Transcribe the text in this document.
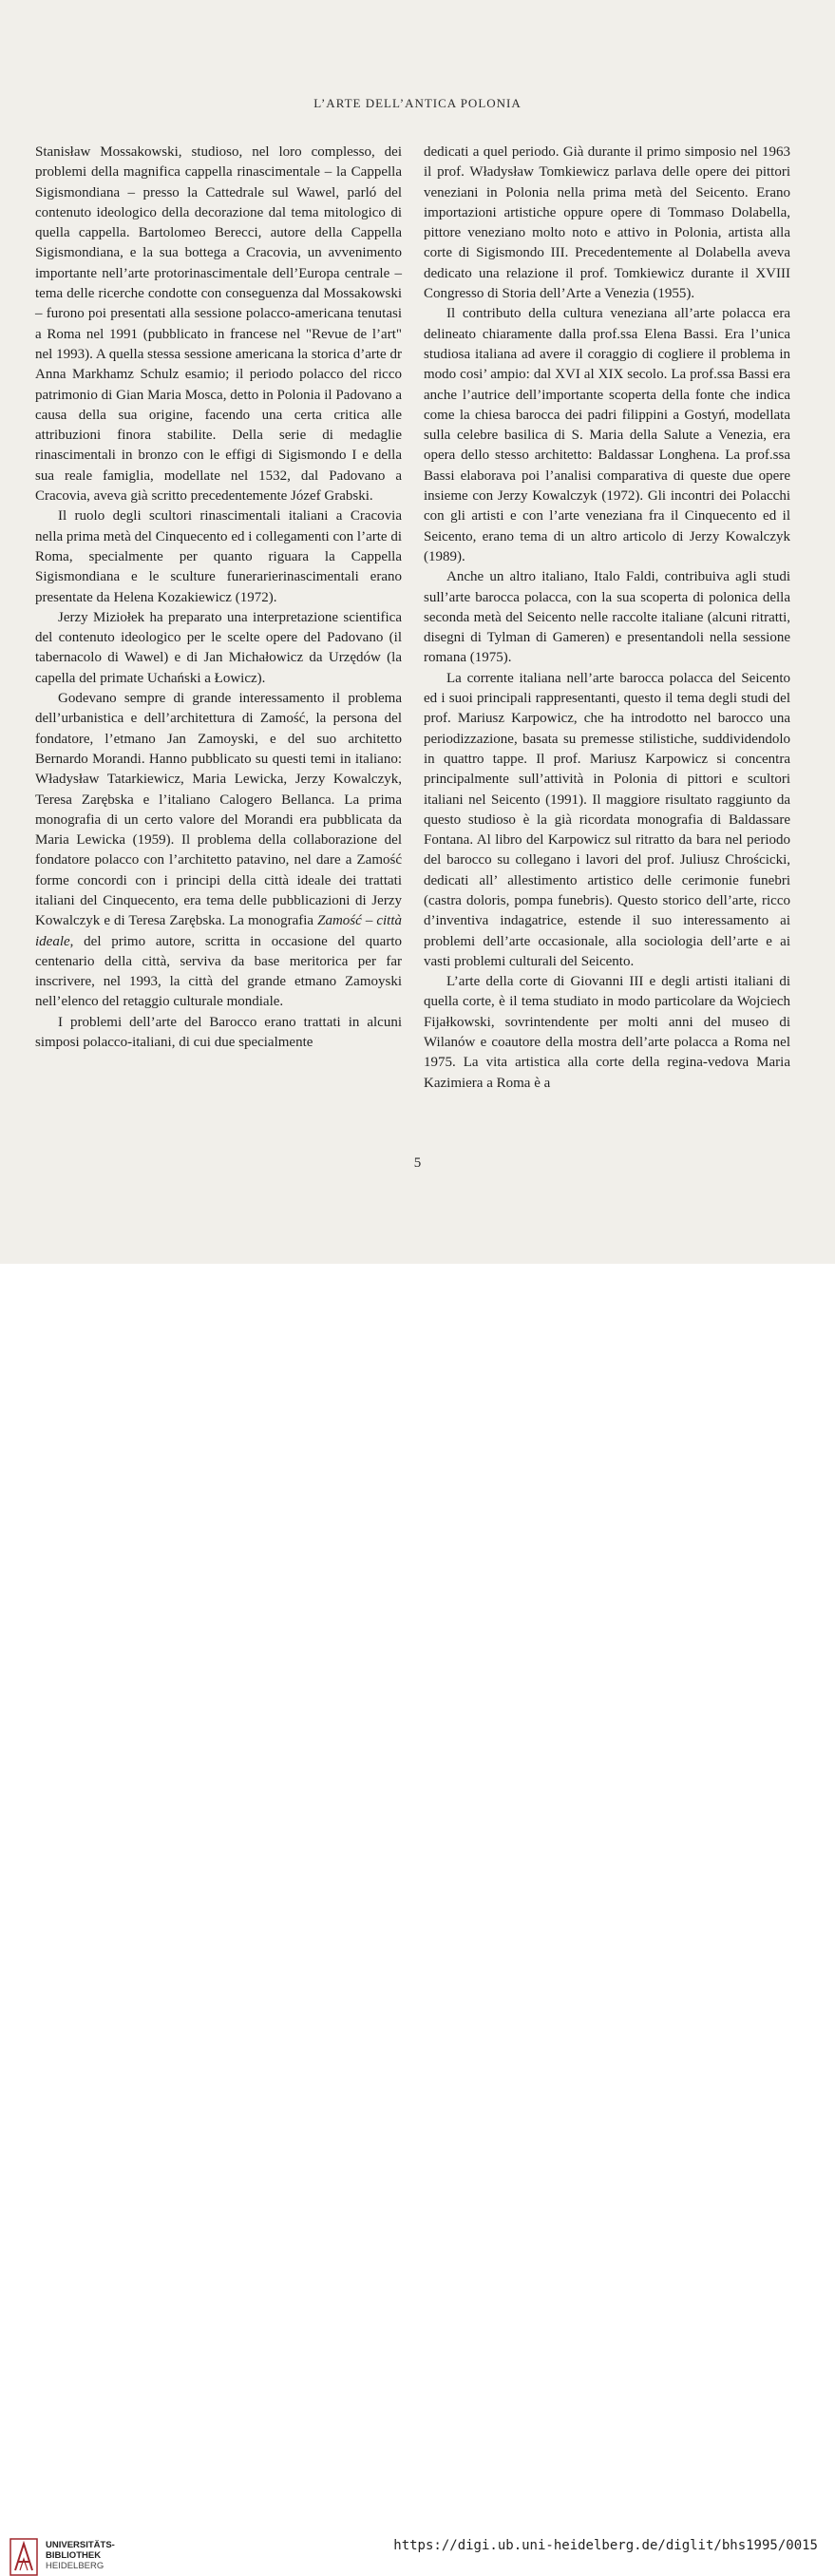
L’ARTE DELL’ANTICA POLONIA

Stanisław Mossakowski, studioso, nel loro complesso, dei problemi della magnifica cappella rinascimentale – la Cappella Sigismondiana – presso la Cattedrale sul Wawel, parló del contenuto ideologico della decorazione dal tema mitologico di quella cappella. Bartolomeo Berecci, autore della Cappella Sigismondiana, e la sua bottega a Cracovia, un avvenimento importante nell’arte protorinascimentale dell’Europa centrale – tema delle ricerche condotte con conseguenza dal Mossakowski – furono poi presentati alla sessione polacco-americana tenutasi a Roma nel 1991 (pubblicato in francese nel "Revue de l’art" nel 1993). A quella stessa sessione americana la storica d’arte dr Anna Markhamz Schulz esamio; il periodo polacco del ricco patrimonio di Gian Maria Mosca, detto in Polonia il Padovano a causa della sua origine, facendo una certa critica alle attribuzioni finora stabilite. Della serie di medaglie rinascimentali in bronzo con le effigi di Sigismondo I e della sua reale famiglia, modellate nel 1532, dal Padovano a Cracovia, aveva già scritto precedentemente Józef Grabski.

Il ruolo degli scultori rinascimentali italiani a Cracovia nella prima metà del Cinquecento ed i collegamenti con l’arte di Roma, specialmente per quanto riguara la Cappella Sigismondiana e le sculture funerarierinascimentali erano presentate da Helena Kozakiewicz (1972).

Jerzy Miziołek ha preparato una interpretazione scientifica del contenuto ideologico per le scelte opere del Padovano (il tabernacolo di Wawel) e di Jan Michałowicz da Urzędów (la capella del primate Uchański a Łowicz).

Godevano sempre di grande interessamento il problema dell’urbanistica e dell’architettura di Zamość, la persona del fondatore, l’etmano Jan Zamoyski, e del suo architetto Bernardo Morandi. Hanno pubblicato su questi temi in italiano: Władysław Tatarkiewicz, Maria Lewicka, Jerzy Kowalczyk, Teresa Zarębska e l’italiano Calogero Bellanca. La prima monografia di un certo valore del Morandi era pubblicata da Maria Lewicka (1959). Il problema della collaborazione del fondatore polacco con l’architetto patavino, nel dare a Zamość forme concordi con i principi della città ideale dei trattati italiani del Cinquecento, era tema delle pubblicazioni di Jerzy Kowalczyk e di Teresa Zarębska. La monografia Zamość – città ideale, del primo autore, scritta in occasione del quarto centenario della città, serviva da base meritorica per far inscrivere, nel 1993, la città del grande etmano Zamoyski nell’elenco del retaggio culturale mondiale.

I problemi dell’arte del Barocco erano trattati in alcuni simposi polacco-italiani, di cui due specialmente

dedicati a quel periodo. Già durante il primo simposio nel 1963 il prof. Władysław Tomkiewicz parlava delle opere dei pittori veneziani in Polonia nella prima metà del Seicento. Erano importazioni artistiche oppure opere di Tommaso Dolabella, pittore veneziano molto noto e attivo in Polonia, artista alla corte di Sigismondo III. Precedentemente al Dolabella aveva dedicato una relazione il prof. Tomkiewicz durante il XVIII Congresso di Storia dell’Arte a Venezia (1955).

Il contributo della cultura veneziana all’arte polacca era delineato chiaramente dalla prof.ssa Elena Bassi. Era l’unica studiosa italiana ad avere il coraggio di cogliere il problema in modo cosi’ ampio: dal XVI al XIX secolo. La prof.ssa Bassi era anche l’autrice dell’importante scoperta della fonte che indica come la chiesa barocca dei padri filippini a Gostyń, modellata sulla celebre basilica di S. Maria della Salute a Venezia, era opera dello stesso architetto: Baldassar Longhena. La prof.ssa Bassi elaborava poi l’analisi comparativa di queste due opere insieme con Jerzy Kowalczyk (1972). Gli incontri dei Polacchi con gli artisti e con l’arte veneziana fra il Cinquecento ed il Seicento, erano tema di un altro articolo di Jerzy Kowalczyk (1989).

Anche un altro italiano, Italo Faldi, contribuiva agli studi sull’arte barocca polacca, con la sua scoperta di polonica della seconda metà del Seicento nelle raccolte italiane (alcuni ritratti, disegni di Tylman di Gameren) e presentandoli nella sessione romana (1975).

La corrente italiana nell’arte barocca polacca del Seicento ed i suoi principali rappresentanti, questo il tema degli studi del prof. Mariusz Karpowicz, che ha introdotto nel barocco una periodizzazione, basata su premesse stilistiche, suddividendolo in quattro tappe. Il prof. Mariusz Karpowicz si concentra principalmente sull’attività in Polonia di pittori e scultori italiani nel Seicento (1991). Il maggiore risultato raggiunto da questo studioso è la già ricordata monografia di Baldassare Fontana. Al libro del Karpowicz sul ritratto da bara nel periodo del barocco su collegano i lavori del prof. Juliusz Chrościcki, dedicati all’ allestimento artistico delle cerimonie funebri (castra doloris, pompa funebris). Questo storico dell’arte, ricco d’inventiva indagatrice, estende il suo interessamento ai problemi dell’arte occasionale, alla sociologia dell’arte e ai vasti problemi culturali del Seicento.

L’arte della corte di Giovanni III e degli artisti italiani di quella corte, è il tema studiato in modo particolare da Wojciech Fijałkowski, sovrintendente per molti anni del museo di Wilanów e coautore della mostra dell’arte polacca a Roma nel 1975. La vita artistica alla corte della regina-vedova Maria Kazimiera a Roma è a

5
UNIVERSITÄTS-
BIBLIOTHEK
HEIDELBERG
https://digi.ub.uni-heidelberg.de/diglit/bhs1995/0015
